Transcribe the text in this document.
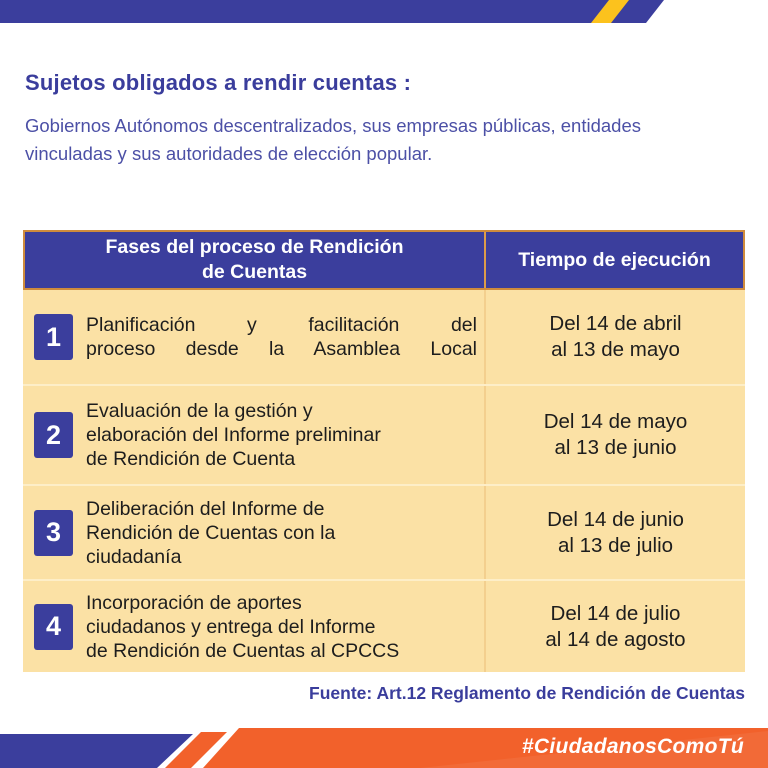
Sujetos obligados a rendir cuentas :

Gobiernos Autónomos descentralizados, sus empresas públicas, entidades vinculadas y sus autoridades de elección popular.

Fases del proceso de Rendición
de Cuentas
Tiempo de ejecución
1	Planificación y facilitación del
proceso desde la Asamblea Local
Del 14 de abril
al 13 de mayo
2
Evaluación de la gestión y
elaboración del Informe preliminar
de Rendición de Cuenta
Del 14 de mayo
al 13 de junio
3
Deliberación del Informe de
Rendición de Cuentas con la
ciudadanía
Del 14 de junio
al 13 de julio
4
Incorporación de aportes
ciudadanos y entrega del Informe
de Rendición de Cuentas al CPCCS
Del 14 de julio
al 14 de agosto
Fuente: Art.12 Reglamento de Rendición de Cuentas
#CiudadanosComoTú
